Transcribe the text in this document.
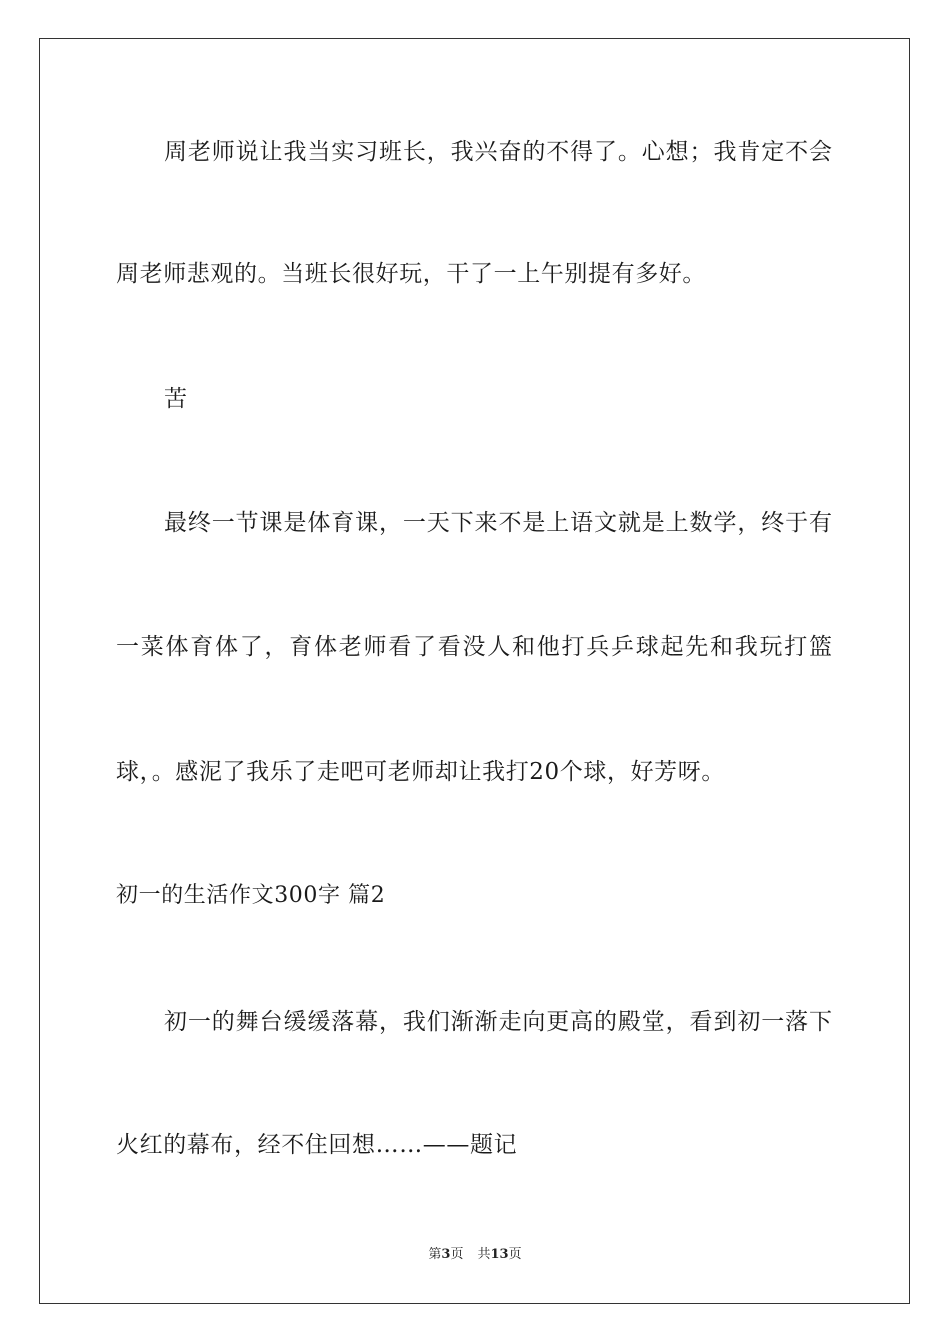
周老师说让我当实习班长，我兴奋的不得了。心想；我肯定不会
周老师悲观的。当班长很好玩，干了一上午别提有多好。
苦
最终一节课是体育课，一天下来不是上语文就是上数学，终于有
一菜体育体了，育体老师看了看没人和他打兵乒球起先和我玩打篮
球，。感泥了我乐了走吧可老师却让我打20个球，好芳呀。
初一的生活作文300字 篇2
初一的舞台缓缓落幕，我们渐渐走向更高的殿堂，看到初一落下
火红的幕布，经不住回想……——题记
第3页 共13页
